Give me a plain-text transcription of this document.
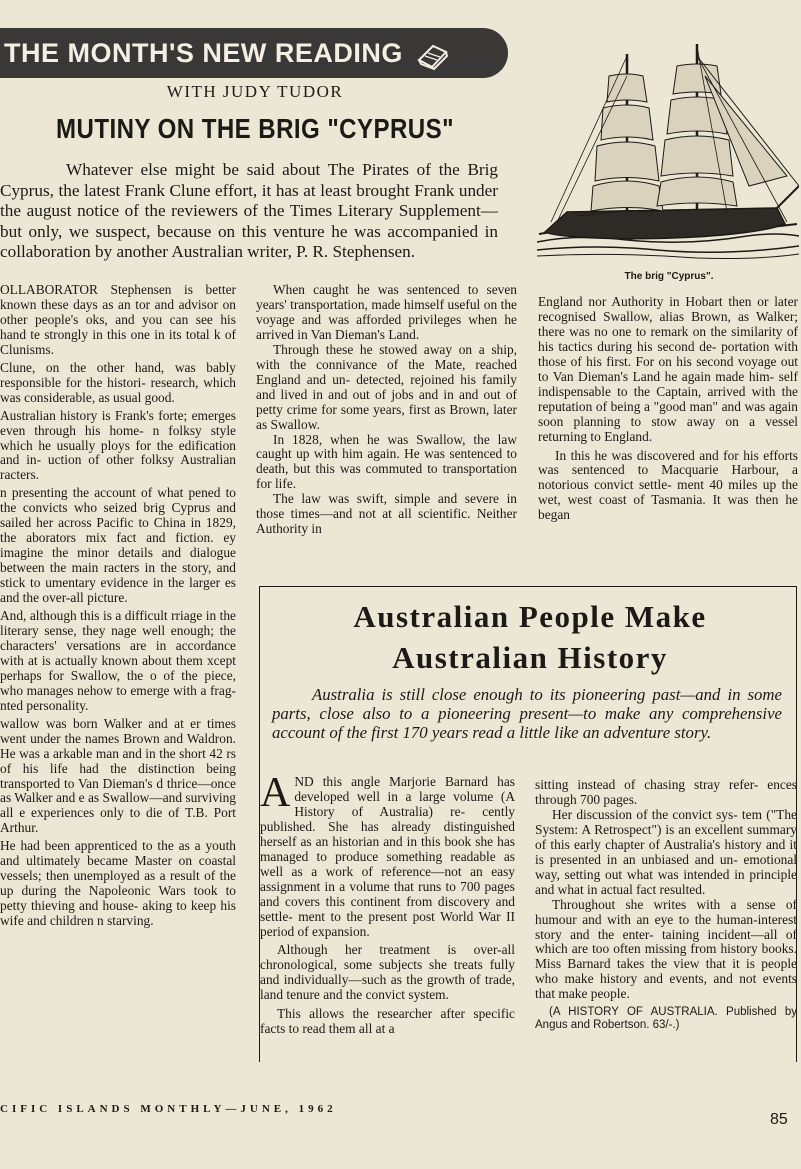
THE MONTH'S NEW READING
WITH JUDY TUDOR
MUTINY ON THE BRIG "CYPRUS"
Whatever else might be said about The Pirates of the Brig Cyprus, the latest Frank Clune effort, it has at least brought Frank under the august notice of the reviewers of the Times Literary Supplement—but only, we suspect, because on this venture he was accompanied in collaboration by another Australian writer, P. R. Stephensen.
The brig "Cyprus".

OLLABORATOR Stephensen is better known these days as an tor and advisor on other people's oks, and you can see his hand te strongly in this one in its total k of Clunisms.

Clune, on the other hand, was bably responsible for the histori- research, which was considerable, as usual good.

Australian history is Frank's forte; emerges even through his home- n folksy style which he usually ploys for the edification and in- uction of other folksy Australian racters.

n presenting the account of what pened to the convicts who seized brig Cyprus and sailed her across Pacific to China in 1829, the aborators mix fact and fiction. ey imagine the minor details and dialogue between the main racters in the story, and stick to umentary evidence in the larger es and the over-all picture.

And, although this is a difficult rriage in the literary sense, they nage well enough; the characters' versations are in accordance with at is actually known about them xcept perhaps for Swallow, the o of the piece, who manages nehow to emerge with a frag- nted personality.

wallow was born Walker and at er times went under the names Brown and Waldron. He was a arkable man and in the short 42 rs of his life had the distinction being transported to Van Dieman's d thrice—once as Walker and e as Swallow—and surviving all e experiences only to die of T.B. Port Arthur.

He had been apprenticed to the as a youth and ultimately became Master on coastal vessels; then unemployed as a result of the up during the Napoleonic Wars took to petty thieving and house- aking to keep his wife and children n starving.

When caught he was sentenced to seven years' transportation, made himself useful on the voyage and was afforded privileges when he arrived in Van Dieman's Land.

Through these he stowed away on a ship, with the connivance of the Mate, reached England and un- detected, rejoined his family and lived in and out of jobs and in and out of petty crime for some years, first as Brown, later as Swallow.

In 1828, when he was Swallow, the law caught up with him again. He was sentenced to death, but this was commuted to transportation for life.

The law was swift, simple and severe in those times—and not at all scientific. Neither Authority in

England nor Authority in Hobart then or later recognised Swallow, alias Brown, as Walker; there was no one to remark on the similarity of his tactics during his second de- portation with those of his first. For on his second voyage out to Van Dieman's Land he again made him- self indispensable to the Captain, arrived with the reputation of being a "good man" and was again soon planning to stow away on a vessel returning to England.

In this he was discovered and for his efforts was sentenced to Macquarie Harbour, a notorious convict settle- ment 40 miles up the wet, west coast of Tasmania. It was then he began

Australian People Make
Australian History
Australia is still close enough to its pioneering past—and in some parts, close also to a pioneering present—to make any comprehensive account of the first 170 years read a little like an adventure story.

AND this angle Marjorie Barnard has developed well in a large volume (A History of Australia) re- cently published. She has already distinguished herself as an historian and in this book she has managed to produce something readable as well as a work of reference—not an easy assignment in a volume that runs to 700 pages and covers this continent from discovery and settle- ment to the present post World War II period of expansion.

Although her treatment is over-all chronological, some subjects she treats fully and individually—such as the growth of trade, land tenure and the convict system.

This allows the researcher after specific facts to read them all at a

sitting instead of chasing stray refer- ences through 700 pages.

Her discussion of the convict sys- tem ("The System: A Retrospect") is an excellent summary of this early chapter of Australia's history and it is presented in an unbiased and un- emotional way, setting out what was intended in principle and what in actual fact resulted.

Throughout she writes with a sense of humour and with an eye to the human-interest story and the enter- taining incident—all of which are too often missing from history books. Miss Barnard takes the view that it is people who make history and events, and not events that make people.

(A HISTORY OF AUSTRALIA. Published by Angus and Robertson. 63/-.)

CIFIC ISLANDS MONTHLY—JUNE, 1962
85
